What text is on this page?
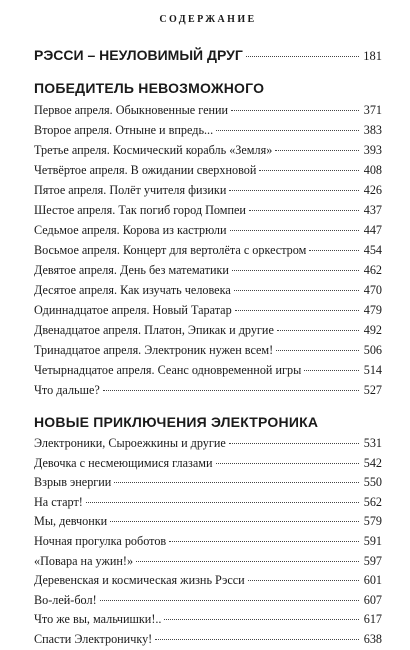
СОДЕРЖАНИЕ
РЭССИ – НЕУЛОВИМЫЙ ДРУГ	181
ПОБЕДИТЕЛЬ НЕВОЗМОЖНОГО
Первое апреля. Обыкновенные гении	371
Второе апреля. Отныне и впредь...	383
Третье апреля. Космический корабль «Земля»	393
Четвёртое апреля. В ожидании сверхновой	408
Пятое апреля. Полёт учителя физики	426
Шестое апреля. Так погиб город Помпеи	437
Седьмое апреля. Корова из кастрюли	447
Восьмое апреля. Концерт для вертолёта с оркестром	454
Девятое апреля. День без математики	462
Десятое апреля. Как изучать человека	470
Одиннадцатое апреля. Новый Таратар	479
Двенадцатое апреля. Платон, Эпикак и другие	492
Тринадцатое апреля. Электроник нужен всем!	506
Четырнадцатое апреля. Сеанс одновременной игры	514
Что дальше?	527
НОВЫЕ ПРИКЛЮЧЕНИЯ ЭЛЕКТРОНИКА
Электроники, Сыроежкины и другие	531
Девочка с несмеющимися глазами	542
Взрыв энергии	550
На старт!	562
Мы, девчонки	579
Ночная прогулка роботов	591
«Повара на ужин!»	597
Деревенская и космическая жизнь Рэсси	601
Во-лей-бол!	607
Что же вы, мальчишки!..	617
Спасти Электроничку!	638
